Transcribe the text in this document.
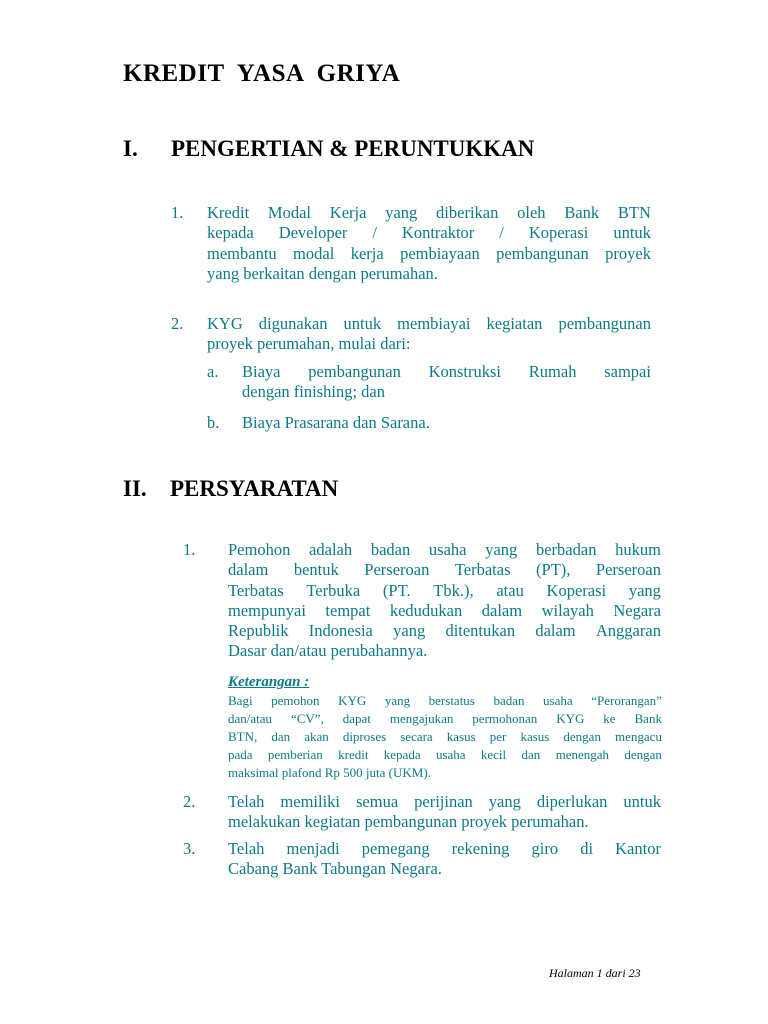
KREDIT  YASA  GRIYA
I. PENGERTIAN & PERUNTUKKAN
1. Kredit Modal Kerja yang diberikan oleh Bank BTN
kepada Developer / Kontraktor / Koperasi untuk
membantu modal kerja pembiayaan pembangunan proyek
yang berkaitan dengan perumahan.
2. KYG digunakan untuk membiayai kegiatan pembangunan
proyek perumahan, mulai dari:
a. Biaya pembangunan Konstruksi Rumah sampai
dengan finishing; dan
b. Biaya Prasarana dan Sarana.
II. PERSYARATAN
1. Pemohon adalah badan usaha yang berbadan hukum
dalam bentuk Perseroan Terbatas (PT), Perseroan
Terbatas Terbuka (PT. Tbk.), atau Koperasi yang
mempunyai tempat kedudukan dalam wilayah Negara
Republik Indonesia yang ditentukan dalam Anggaran
Dasar dan/atau perubahannya.
Keterangan :
Bagi pemohon KYG yang berstatus badan usaha “Perorangan”
dan/atau “CV”, dapat mengajukan permohonan KYG ke Bank
BTN, dan akan diproses secara kasus per kasus dengan mengacu
pada pemberian kredit kepada usaha kecil dan menengah dengan
maksimal plafond Rp 500 juta (UKM).
2. Telah memiliki semua perijinan yang diperlukan untuk
melakukan kegiatan pembangunan proyek perumahan.
3. Telah menjadi pemegang rekening giro di Kantor
Cabang Bank Tabungan Negara.
Halaman 1 dari 23
